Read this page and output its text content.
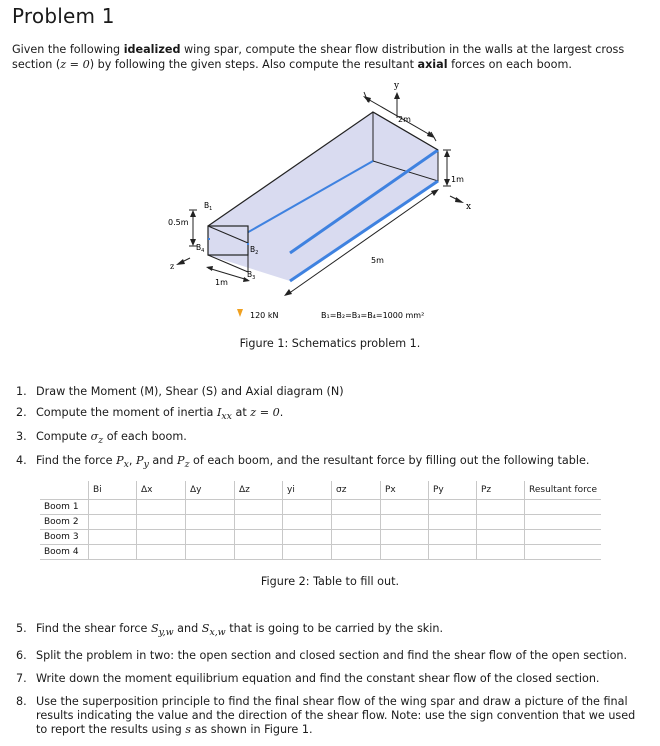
Problem 1
Given the following idealized wing spar, compute the shear flow distribution in the walls at the largest cross section (z = 0) by following the given steps. Also compute the resultant axial forces on each boom.
y
x
z
2m
1m
0.5m
5m
1m
$B_1$
$B_4$	$B_2$
$B_3$
120 kN	B₁=B₂=B₃=B₄=1000 mm²
Figure 1: Schematics problem 1.
1. Draw the Moment (M), Shear (S) and Axial diagram (N)
2. Compute the moment of inertia $I_{xx}$ at z = 0.
3. Compute $\sigma_z$ of each boom.
4. Find the force $P_x$, $P_y$ and $P_z$ of each boom, and the resultant force by filling out the following table.
	Bi	Δx	Δy	Δz	yi	σz	Px	Py	Pz	Resultant force
Boom 1										
Boom 2										
Boom 3										
Boom 4										
Figure 2: Table to fill out.
5. Find the shear force $S_{y,w}$ and $S_{x,w}$ that is going to be carried by the skin.
6. Split the problem in two: the open section and closed section and find the shear flow of the open section.
7. Write down the moment equilibrium equation and find the constant shear flow of the closed section.
8. Use the superposition principle to find the final shear flow of the wing spar and draw a picture of the final results indicating the value and the direction of the shear flow. Note: use the sign convention that we used to report the results using s as shown in Figure 1.
